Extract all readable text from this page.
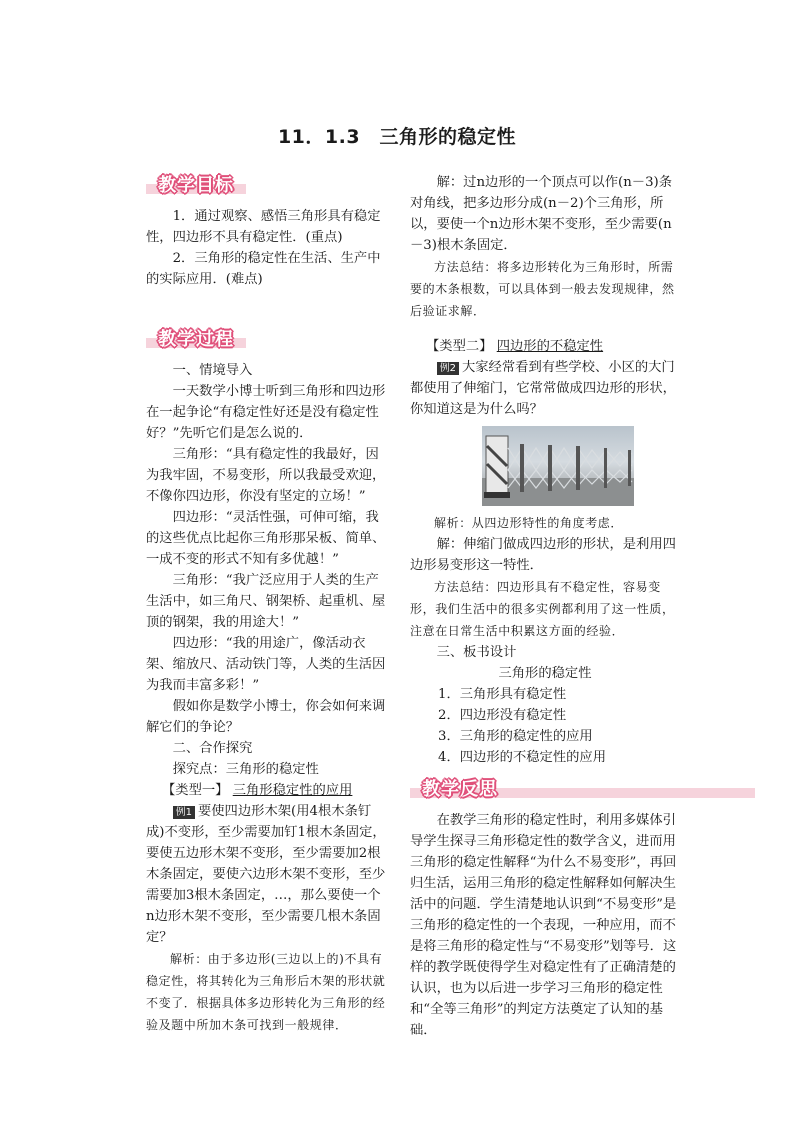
11．1.3　三角形的稳定性
教学目标

1．通过观察、感悟三角形具有稳定性，四边形不具有稳定性．(重点)

2．三角形的稳定性在生活、生产中的实际应用．(难点)

教学过程

一、情境导入

一天数学小博士听到三角形和四边形在一起争论“有稳定性好还是没有稳定性好？”先听它们是怎么说的．

三角形：“具有稳定性的我最好，因为我牢固，不易变形，所以我最受欢迎，不像你四边形，你没有坚定的立场！”

四边形：“灵活性强，可伸可缩，我的这些优点比起你三角形那呆板、简单、一成不变的形式不知有多优越！”

三角形：“我广泛应用于人类的生产生活中，如三角尺、钢架桥、起重机、屋顶的钢架，我的用途大！”

四边形：“我的用途广，像活动衣架、缩放尺、活动铁门等，人类的生活因为我而丰富多彩！”

假如你是数学小博士，你会如何来调解它们的争论？

二、合作探究

探究点：三角形的稳定性

【类型一】 三角形稳定性的应用

例1 要使四边形木架(用4根木条钉成)不变形，至少需要加钉1根木条固定，要使五边形木架不变形，至少需要加2根木条固定，要使六边形木架不变形，至少需要加3根木条固定，…，那么要使一个n边形木架不变形，至少需要几根木条固定？

解析：由于多边形(三边以上的)不具有稳定性，将其转化为三角形后木架的形状就不变了．根据具体多边形转化为三角形的经验及题中所加木条可找到一般规律．

解：过n边形的一个顶点可以作(n－3)条对角线，把多边形分成(n－2)个三角形，所以，要使一个n边形木架不变形，至少需要(n－3)根木条固定．

方法总结：将多边形转化为三角形时，所需要的木条根数，可以具体到一般去发现规律，然后验证求解．

【类型二】 四边形的不稳定性

例2 大家经常看到有些学校、小区的大门都使用了伸缩门，它常常做成四边形的形状，你知道这是为什么吗？

解析：从四边形特性的角度考虑．

解：伸缩门做成四边形的形状，是利用四边形易变形这一特性．

方法总结：四边形具有不稳定性，容易变形，我们生活中的很多实例都利用了这一性质，注意在日常生活中积累这方面的经验．

三、板书设计

三角形的稳定性

1．三角形具有稳定性

2．四边形没有稳定性

3．三角形的稳定性的应用

4．四边形的不稳定性的应用

教学反思

在教学三角形的稳定性时，利用多媒体引导学生探寻三角形稳定性的数学含义，进而用三角形的稳定性解释“为什么不易变形”，再回归生活，运用三角形的稳定性解释如何解决生活中的问题．学生清楚地认识到“不易变形”是三角形的稳定性的一个表现，一种应用，而不是将三角形的稳定性与“不易变形”划等号．这样的教学既使得学生对稳定性有了正确清楚的认识，也为以后进一步学习三角形的稳定性和“全等三角形”的判定方法奠定了认知的基础．
